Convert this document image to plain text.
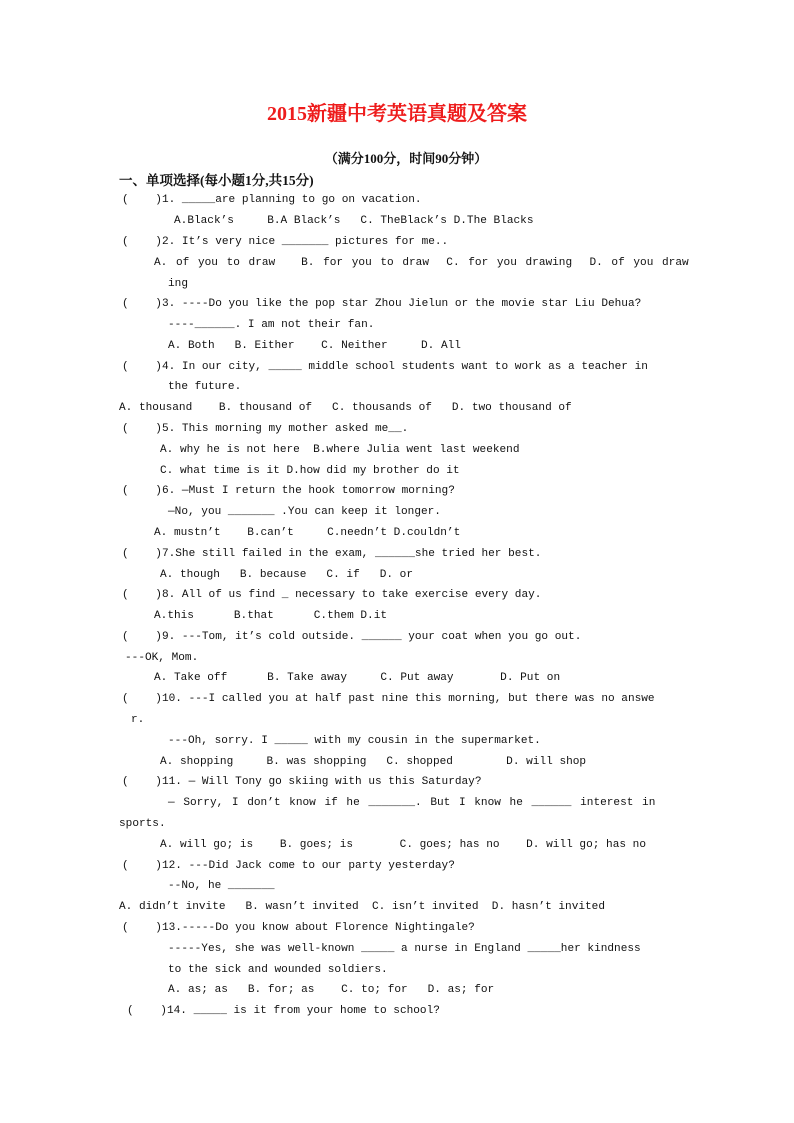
2015新疆中考英语真题及答案
（满分100分，时间90分钟）
一、单项选择(每小题1分,共15分)
(    )1. _____are planning to go on vacation.
A.Black’s     B.A Black’s   C. TheBlack’s D.The Blacks
(    )2. It’s very nice _______ pictures for me..
A. of you to draw   B. for you to draw  C. for you drawing  D. of you draw
ing
(    )3. ----Do you like the pop star Zhou Jielun or the movie star Liu Dehua?
----______. I am not their fan.
A. Both   B. Either    C. Neither     D. All
(    )4. In our city, _____ middle school students want to work as a teacher in
the future.
A. thousand    B. thousand of   C. thousands of   D. two thousand of
(    )5. This morning my mother asked me__.
A. why he is not here  B.where Julia went last weekend
C. what time is it D.how did my brother do it
(    )6. —Must I return the hook tomorrow morning?
—No, you _______ .You can keep it longer.
A. mustn’t    B.can’t     C.needn’t D.couldn’t
(    )7.She still failed in the exam, ______she tried her best.
A. though   B. because   C. if   D. or
(    )8. All of us find _ necessary to take exercise every day.
A.this      B.that      C.them D.it
(    )9. ---Tom, it’s cold outside. ______ your coat when you go out.
---OK, Mom.
A. Take off      B. Take away     C. Put away       D. Put on
(    )10. ---I called you at half past nine this morning, but there was no answe
r.
---Oh, sorry. I _____ with my cousin in the supermarket.
A. shopping     B. was shopping   C. shopped        D. will shop
(    )11. — Will Tony go skiing with us this Saturday?
— Sorry, I don’t know if he _______. But I know he ______ interest in
sports.
A. will go; is    B. goes; is       C. goes; has no    D. will go; has no
(    )12. ---Did Jack come to our party yesterday?
--No, he _______
A. didn’t invite   B. wasn’t invited  C. isn’t invited  D. hasn’t invited
(    )13.-----Do you know about Florence Nightingale?
-----Yes, she was well-known _____ a nurse in England _____her kindness
to the sick and wounded soldiers.
A. as; as   B. for; as    C. to; for   D. as; for
(    )14. _____ is it from your home to school?
